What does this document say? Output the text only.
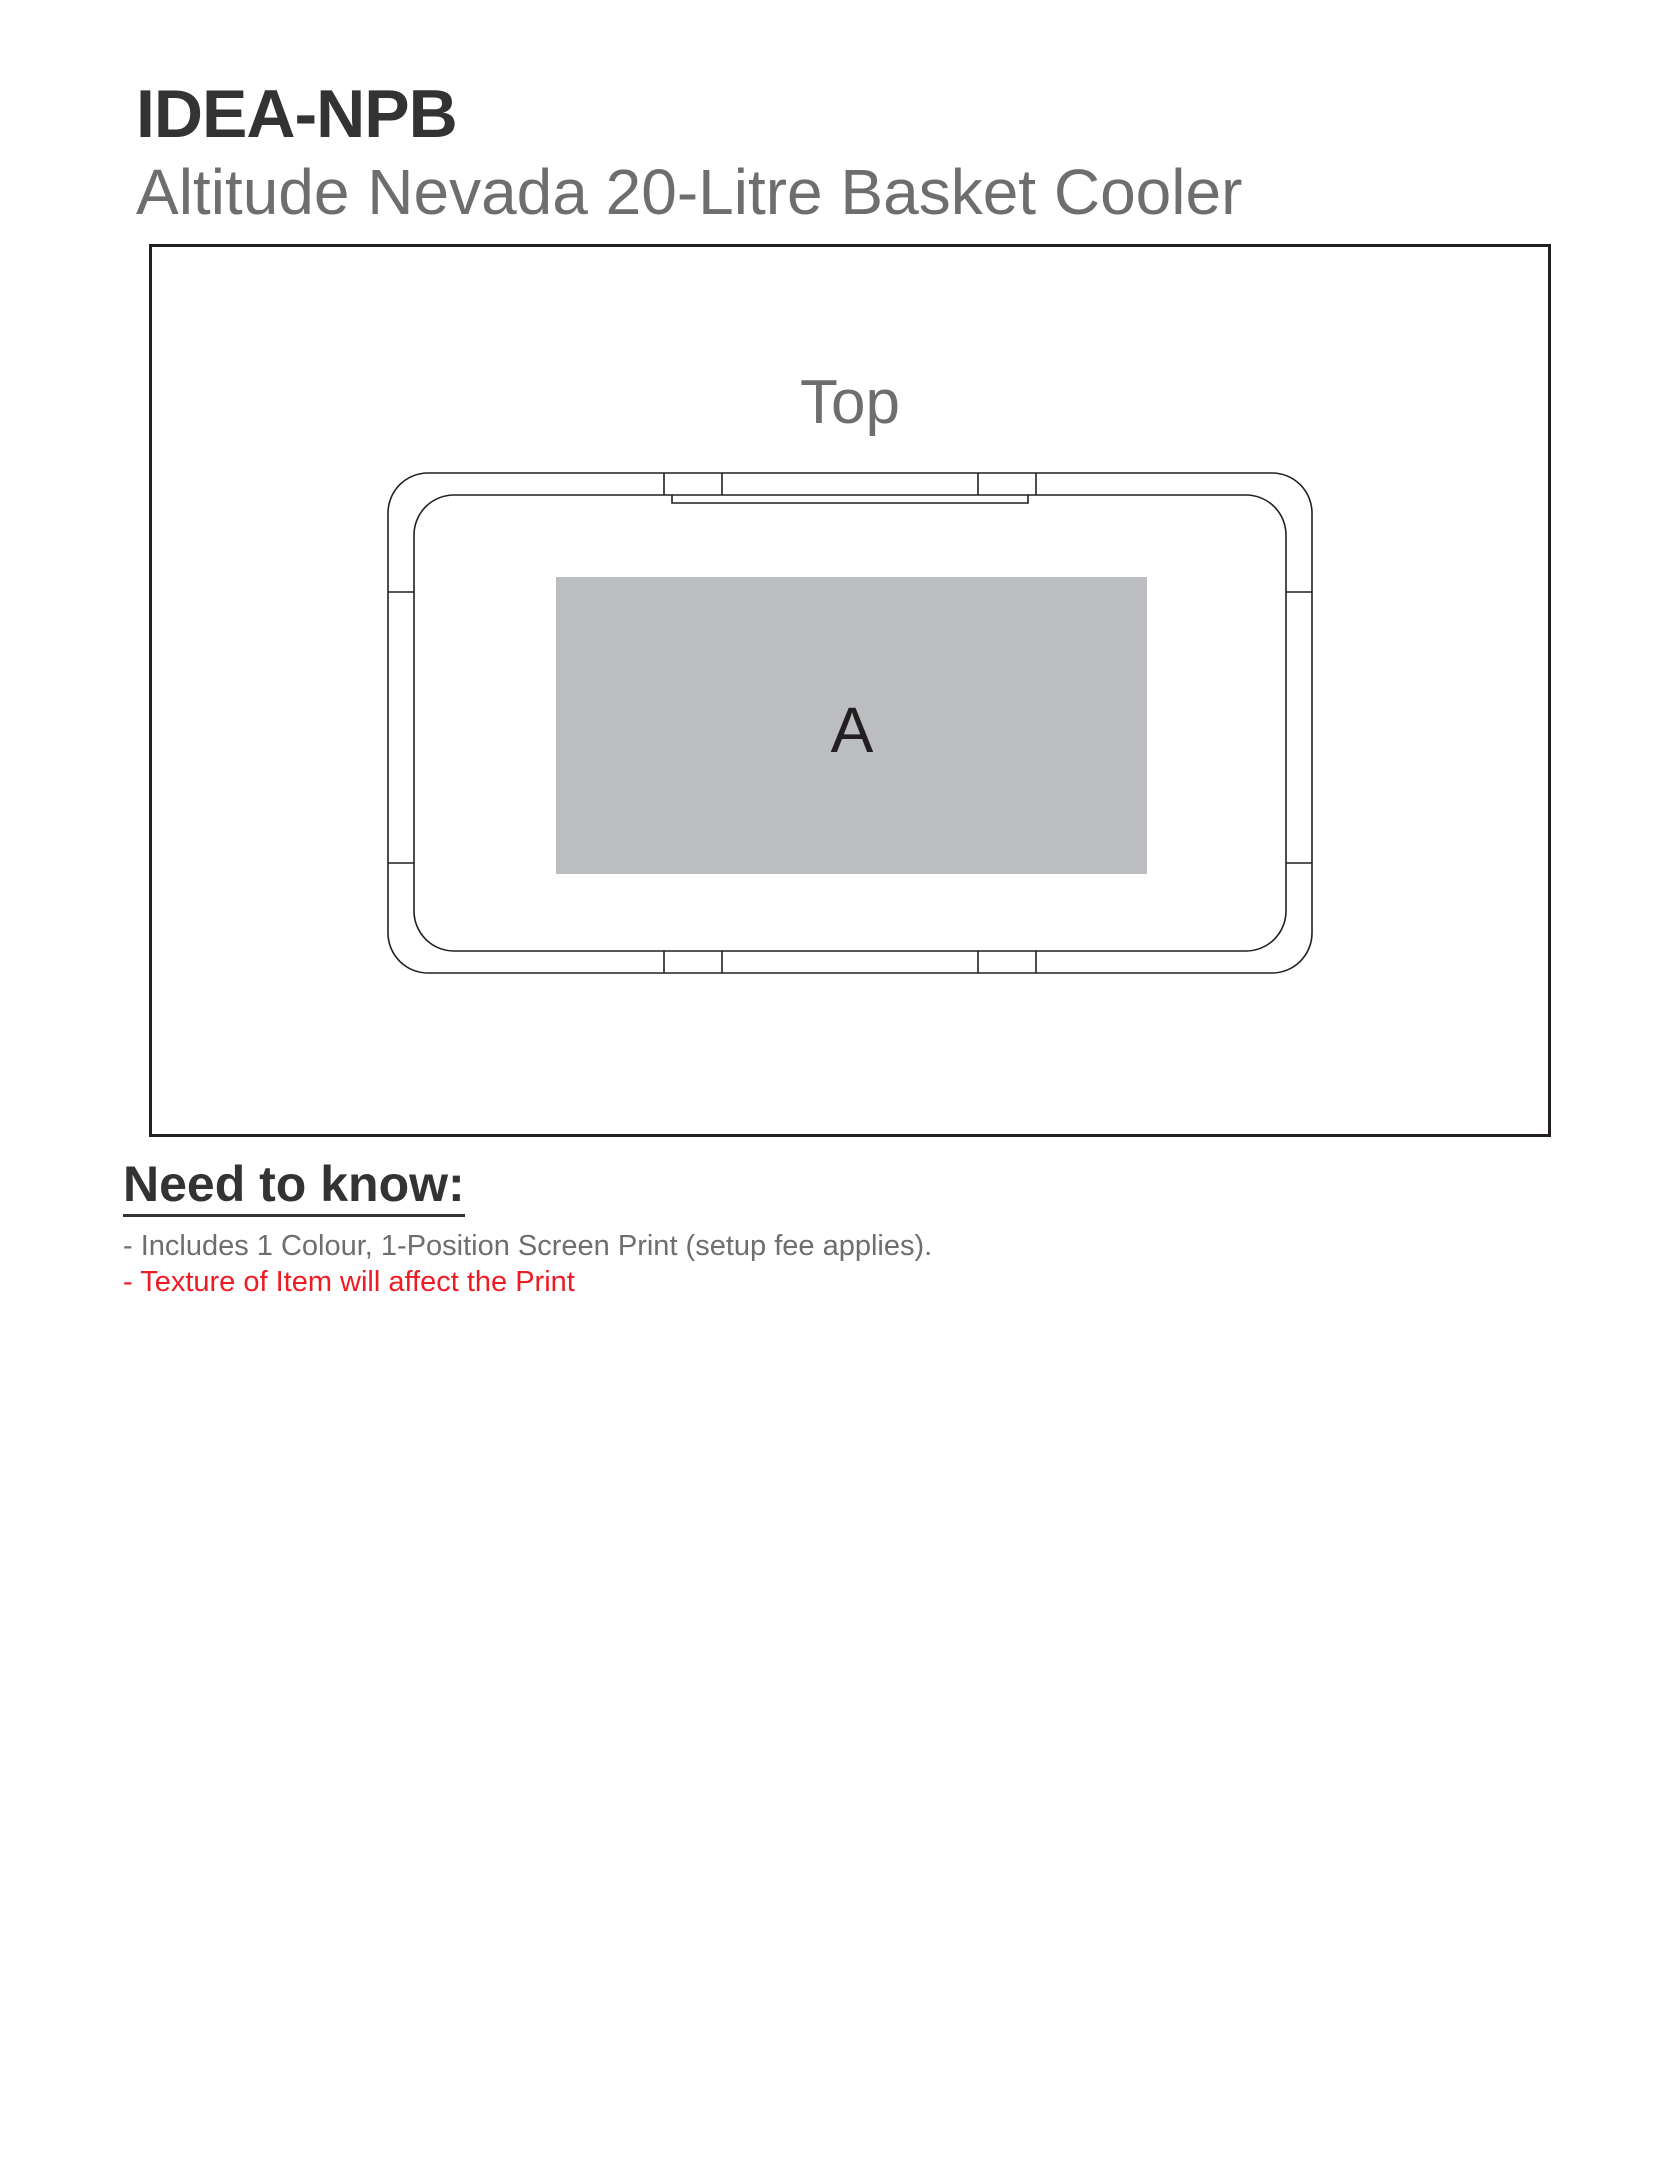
IDEA-NPB
Altitude Nevada 20-Litre Basket Cooler
Top
A
Need to know:
- Includes 1 Colour, 1-Position Screen Print (setup fee applies).
- Texture of Item will affect the Print
